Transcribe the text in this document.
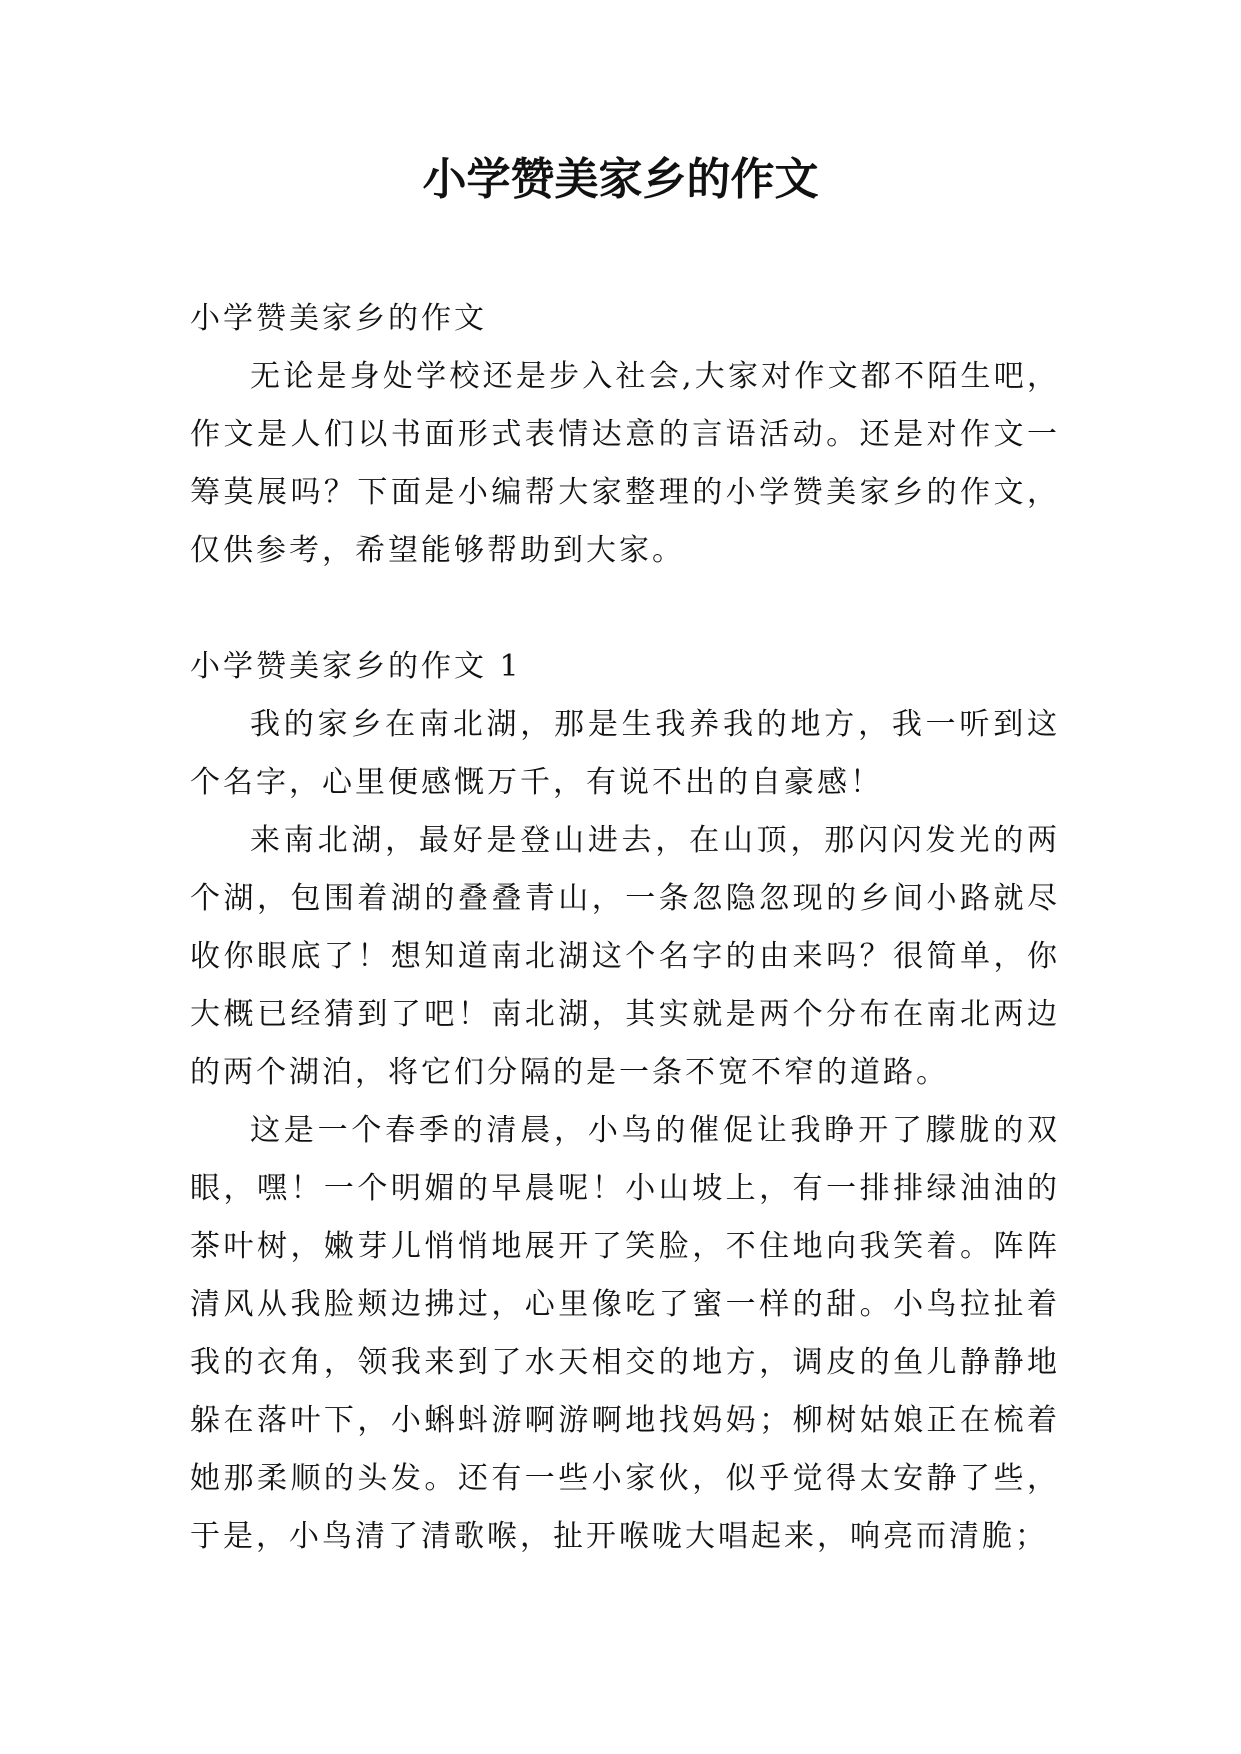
小学赞美家乡的作文

小学赞美家乡的作文

无论是身处学校还是步入社会,大家对作文都不陌生吧，作文是人们以书面形式表情达意的言语活动。还是对作文一筹莫展吗？下面是小编帮大家整理的小学赞美家乡的作文，仅供参考，希望能够帮助到大家。

小学赞美家乡的作文 1

我的家乡在南北湖，那是生我养我的地方，我一听到这个名字，心里便感慨万千，有说不出的自豪感！

来南北湖，最好是登山进去，在山顶，那闪闪发光的两个湖，包围着湖的叠叠青山，一条忽隐忽现的乡间小路就尽收你眼底了！想知道南北湖这个名字的由来吗？很简单，你大概已经猜到了吧！南北湖，其实就是两个分布在南北两边的两个湖泊，将它们分隔的是一条不宽不窄的道路。

这是一个春季的清晨，小鸟的催促让我睁开了朦胧的双眼，嘿！一个明媚的早晨呢！小山坡上，有一排排绿油油的茶叶树，嫩芽儿悄悄地展开了笑脸，不住地向我笑着。阵阵清风从我脸颊边拂过，心里像吃了蜜一样的甜。小鸟拉扯着我的衣角，领我来到了水天相交的地方，调皮的鱼儿静静地躲在落叶下，小蝌蚪游啊游啊地找妈妈；柳树姑娘正在梳着她那柔顺的头发。还有一些小家伙，似乎觉得太安静了些，于是，小鸟清了清歌喉，扯开喉咙大唱起来，响亮而清脆；
